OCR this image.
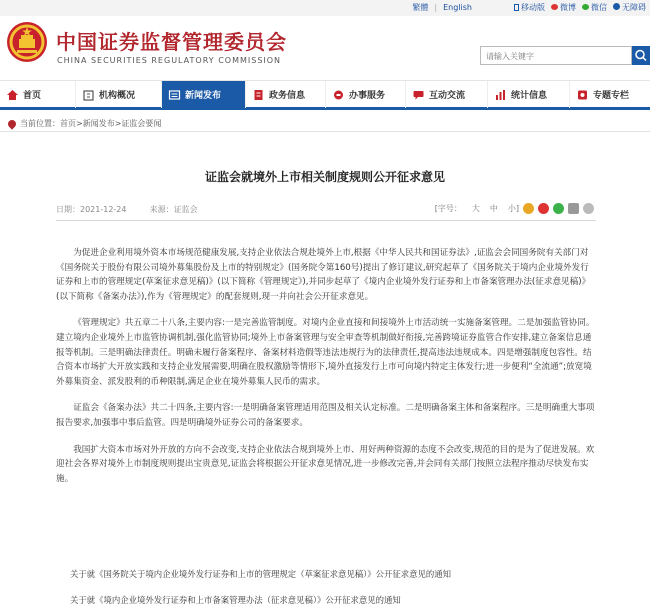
繁體 | English	移动版	微博	微信	无障碍
中国证券监督管理委员会
CHINA SECURITIES REGULATORY COMMISSION	请输入关键字
首页	机构概况	新闻发布	政务信息	办事服务	互动交流	统计信息	专题专栏
当前位置： 首页>新闻发布>证监会要闻
证监会就境外上市相关制度规则公开征求意见
日期：2021-12-24	来源：证监会	[字号： 大 中 小]

为促进企业利用境外资本市场规范健康发展,支持企业依法合规赴境外上市,根据《中华人民共和国证券法》,证监会会同国务院有关部门对《国务院关于股份有限公司境外募集股份及上市的特别规定》(国务院令第160号)提出了修订建议,研究起草了《国务院关于境内企业境外发行证券和上市的管理规定(草案征求意见稿)》(以下简称《管理规定》),并同步起草了《境内企业境外发行证券和上市备案管理办法(征求意见稿)》(以下简称《备案办法》),作为《管理规定》的配套规则,现一并向社会公开征求意见。

《管理规定》共五章二十八条,主要内容:一是完善监管制度。对境内企业直接和间接境外上市活动统一实施备案管理。二是加强监管协同。建立境内企业境外上市监管协调机制,强化监管协同;境外上市备案管理与安全审查等机制做好衔接,完善跨境证券监管合作安排,建立备案信息通报等机制。三是明确法律责任。明确未履行备案程序、备案材料造假等违法违规行为的法律责任,提高违法违规成本。四是增强制度包容性。结合资本市场扩大开放实践和支持企业发展需要,明确在股权激励等情形下,境外直接发行上市可向境内特定主体发行;进一步便利“全流通”;放宽境外募集资金、派发股利的币种限制,满足企业在境外募集人民币的需求。

证监会《备案办法》共二十四条,主要内容:一是明确备案管理适用范围及相关认定标准。二是明确备案主体和备案程序。三是明确重大事项报告要求,加强事中事后监管。四是明确境外证券公司的备案要求。

我国扩大资本市场对外开放的方向不会改变,支持企业依法合规到境外上市、用好两种资源的态度不会改变,规范的目的是为了促进发展。欢迎社会各界对境外上市制度规则提出宝贵意见,证监会将根据公开征求意见情况,进一步修改完善,并会同有关部门按照立法程序推动尽快发布实施。

关于就《国务院关于境内企业境外发行证券和上市的管理规定（草案征求意见稿）》公开征求意见的通知
关于就《境内企业境外发行证券和上市备案管理办法（征求意见稿）》公开征求意见的通知
